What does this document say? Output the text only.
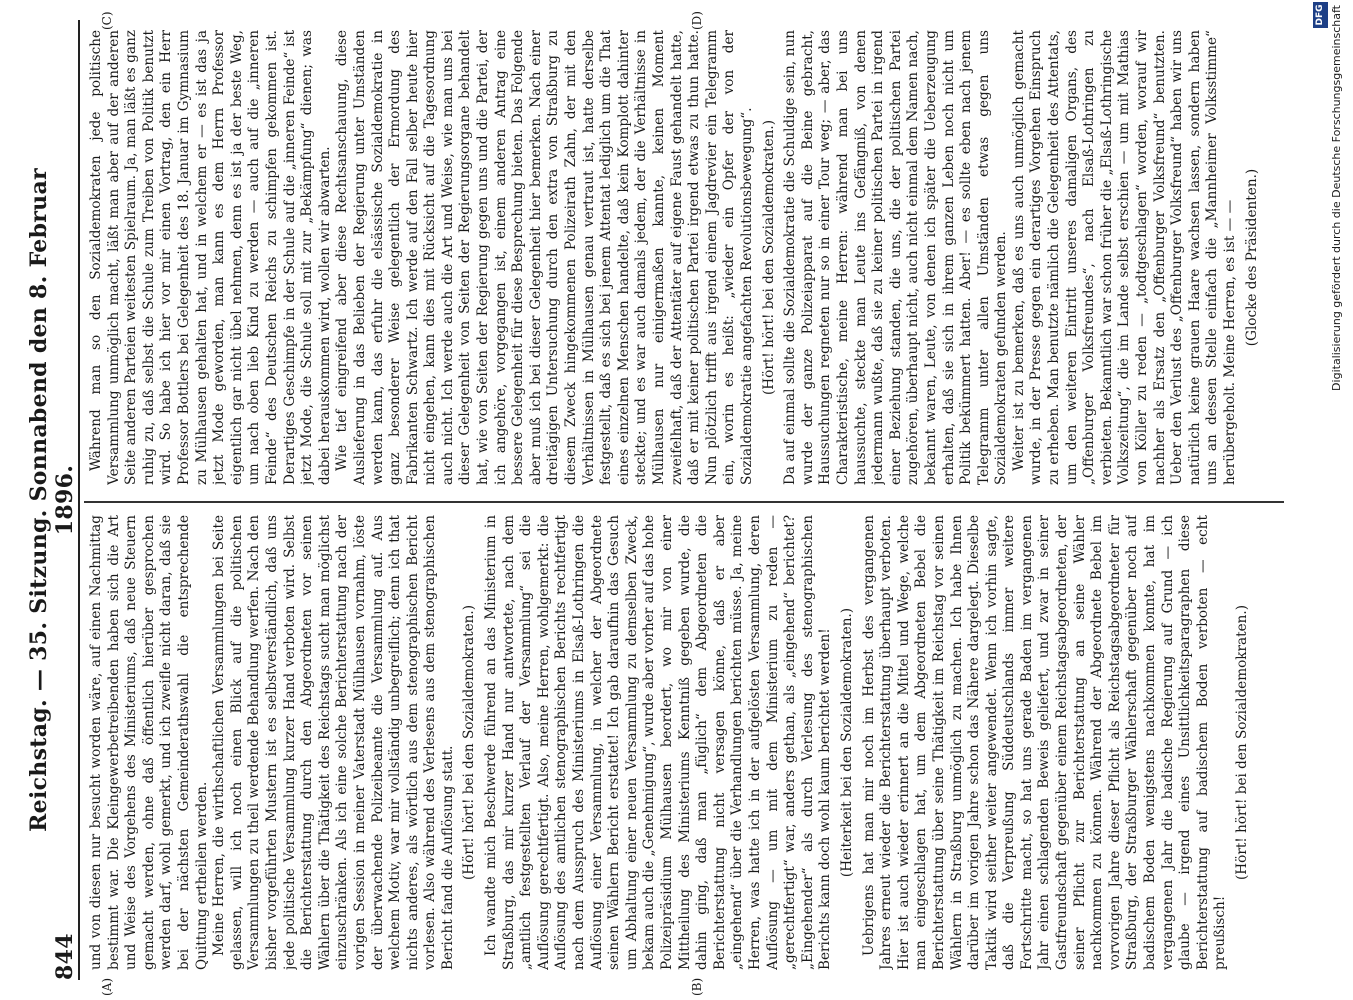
844
Reichstag. — 35. Sitzung. Sonnabend den 8. Februar 1896.
(A)	(B)
(C)	(D)

und von diesen nur besucht worden wäre, auf einen Nachmittag bestimmt war. Die Kleingewerbetreibenden haben sich die Art und Weise des Vorgehens des Ministeriums, daß neue Steuern gemacht werden, ohne daß öffentlich hierüber gesprochen werden darf, wohl gemerkt, und ich zweifle nicht daran, daß sie bei der nächsten Gemeinderathswahl die entsprechende Quittung ertheilen werden. Meine Herren, die wirthschaftlichen Versammlungen bei Seite gelassen, will ich noch einen Blick auf die politischen Versammlungen zu theil werdende Behandlung werfen. Nach den bisher vorgeführten Mustern ist es selbstverständlich, daß uns jede politische Versammlung kurzer Hand verboten wird. Selbst die Berichterstattung durch den Abgeordneten vor seinen Wählern über die Thätigkeit des Reichstags sucht man möglichst einzuschränken. Als ich eine solche Berichterstattung nach der vorigen Session in meiner Vaterstadt Mülhausen vornahm, löste der überwachende Polizeibeamte die Versammlung auf. Aus welchem Motiv, war mir vollständig unbegreiflich; denn ich that nichts anderes, als wörtlich aus dem stenographischen Bericht vorlesen. Also während des Verlesens aus dem stenographischen Bericht fand die Auflösung statt. (Hört! hört! bei den Sozialdemokraten.) Ich wandte mich Beschwerde führend an das Ministerium in Straßburg, das mir kurzer Hand nur antwortete, nach dem „amtlich festgestellten Verlauf der Versammlung“ sei die Auflösung gerechtfertigt. Also, meine Herren, wohlgemerkt: die Auflösung des amtlichen stenographischen Berichts rechtfertigt nach dem Ausspruch des Ministeriums in Elsaß-Lothringen die Auflösung einer Versammlung, in welcher der Abgeordnete seinen Wählern Bericht erstattet! Ich gab daraufhin das Gesuch um Abhaltung einer neuen Versammlung zu demselben Zweck, bekam auch die „Genehmigung“, wurde aber vorher auf das hohe Polizeipräsidium Mülhausen beordert, wo mir von einer Mittheilung des Ministeriums Kenntniß gegeben wurde, die dahin ging, daß man „füglich“ dem Abgeordneten die Berichterstattung nicht versagen könne, daß er aber „eingehend“ über die Verhandlungen berichten müsse. Ja, meine Herren, was hatte ich in der aufgelösten Versammlung, deren Auflösung — um mit dem Ministerium zu reden — „gerechtfertigt“ war, anders gethan, als „eingehend“ berichtet? „Eingehender“ als durch Verlesung des stenographischen Berichts kann doch wohl kaum berichtet werden! (Heiterkeit bei den Sozialdemokraten.) Uebrigens hat man mir noch im Herbst des vergangenen Jahres erneut wieder die Berichterstattung überhaupt verboten. Hier ist auch wieder erinnert an die Mittel und Wege, welche man eingeschlagen hat, um dem Abgeordneten Bebel die Berichterstattung über seine Thätigkeit im Reichstag vor seinen Wählern in Straßburg unmöglich zu machen. Ich habe Ihnen darüber im vorigen Jahre schon das Nähere dargelegt. Dieselbe Taktik wird seither weiter angewendet. Wenn ich vorhin sagte, daß die Verpreußung Süddeutschlands immer weitere Fortschritte macht, so hat uns gerade Baden im vergangenen Jahr einen schlagenden Beweis geliefert, und zwar in seiner Gastfreundschaft gegenüber einem Reichstagsabgeordneten, der seiner Pflicht zur Berichterstattung an seine Wähler nachkommen zu können. Während der Abgeordnete Bebel im vorvorigen Jahre dieser Pflicht als Reichstagsabgeordneter für Straßburg, der Straßburger Wählerschaft gegenüber noch auf badischem Boden wenigstens nachkommen konnte, hat im vergangenen Jahr die badische Regierung auf Grund — ich glaube — irgend eines Unsittlichkeitsparagraphen diese Berichterstattung auf badischem Boden verboten — echt preußisch!

(Hört! hört! bei den Sozialdemokraten.)

Während man so den Sozialdemokraten jede politische Versammlung unmöglich macht, läßt man aber auf der anderen Seite anderen Parteien weitesten Spielraum. Ja, man läßt es ganz ruhig zu, daß selbst die Schule zum Treiben von Politik benutzt wird. So habe ich hier vor mir einen Vortrag, den ein Herr Professor Bottlers bei Gelegenheit des 18. Januar im Gymnasium zu Mülhausen gehalten hat, und in welchem er — es ist das ja jetzt Mode geworden, man kann es dem Herrn Professor eigentlich gar nicht übel nehmen, denn es ist ja der beste Weg, um nach oben lieb Kind zu werden — auch auf die „inneren Feinde“ des Deutschen Reichs zu schimpfen gekommen ist. Derartiges Geschimpfe in der Schule auf die „inneren Feinde“ ist jetzt Mode, die Schule soll mit zur „Bekämpfung“ dienen; was dabei herauskommen wird, wollen wir abwarten. Wie tief eingreifend aber diese Rechtsanschauung, diese Auslieferung in das Belieben der Regierung unter Umständen werden kann, das erfuhr die elsässische Sozialdemokratie in ganz besonderer Weise gelegentlich der Ermordung des Fabrikanten Schwartz. Ich werde auf den Fall selber heute hier nicht eingehen, kann dies mit Rücksicht auf die Tagesordnung auch nicht. Ich werde auch die Art und Weise, wie man uns bei dieser Gelegenheit von Seiten der Regierungsorgane behandelt hat, wie von Seiten der Regierung gegen uns und die Partei, der ich angehöre, vorgegangen ist, einem anderen Antrag eine bessere Gelegenheit für diese Besprechung bieten. Das Folgende aber muß ich bei dieser Gelegenheit hier bemerken. Nach einer dreitägigen Untersuchung durch den extra von Straßburg zu diesem Zweck hingekommenen Polizeirath Zahn, der mit den Verhältnissen in Mülhausen genau vertraut ist, hatte derselbe festgestellt, daß es sich bei jenem Attentat lediglich um die That eines einzelnen Menschen handelte, daß kein Komplott dahinter steckte; und es war auch damals jedem, der die Verhältnisse in Mülhausen nur einigermaßen kannte, keinen Moment zweifelhaft, daß der Attentäter auf eigene Faust gehandelt hatte, daß er mit keiner politischen Partei irgend etwas zu thun hatte. Nun plötzlich trifft aus irgend einem Jagdrevier ein Telegramm ein, worin es heißt: „wieder ein Opfer der von der Sozialdemokratie angefachten Revolutionsbewegung“. (Hört! hört! bei den Sozialdemokraten.) Da auf einmal sollte die Sozialdemokratie die Schuldige sein, nun wurde der ganze Polizeiapparat auf die Beine gebracht, Haussuchungen regneten nur so in einer Tour weg; — aber, das Charakteristische, meine Herren: während man bei uns haussuchte, steckte man Leute ins Gefängniß, von denen jedermann wußte, daß sie zu keiner politischen Partei in irgend einer Beziehung standen, die uns, die der politischen Partei zugehören, überhaupt nicht, auch nicht einmal dem Namen nach, bekannt waren, Leute, von denen ich später die Ueberzeugung erhalten, daß sie sich in ihrem ganzen Leben noch nicht um Politik bekümmert hatten. Aber! — es sollte eben nach jenem Telegramm unter allen Umständen etwas gegen uns Sozialdemokraten gefunden werden. Weiter ist zu bemerken, daß es uns auch unmöglich gemacht wurde, in der Presse gegen ein derartiges Vorgehen Einspruch zu erheben. Man benutzte nämlich die Gelegenheit des Attentats, um den weiteren Eintritt unseres damaligen Organs, des „Offenburger Volksfreundes“, nach Elsaß-Lothringen zu verbieten. Bekanntlich war schon früher die „Elsaß-Lothringische Volkszeitung“, die im Lande selbst erschien — um mit Mathias von Köller zu reden — „todtgeschlagen“ worden, worauf wir nachher als Ersatz den „Offenburger Volksfreund“ benutzten. Ueber den Verlust des „Offenburger Volksfreund“ haben wir uns natürlich keine grauen Haare wachsen lassen, sondern haben uns an dessen Stelle einfach die „Mannheimer Volksstimme“ herübergeholt. Meine Herren, es ist — — (Glocke des Präsidenten.)

DFG Digitalisierung gefördert durch die Deutsche Forschungsgemeinschaft
